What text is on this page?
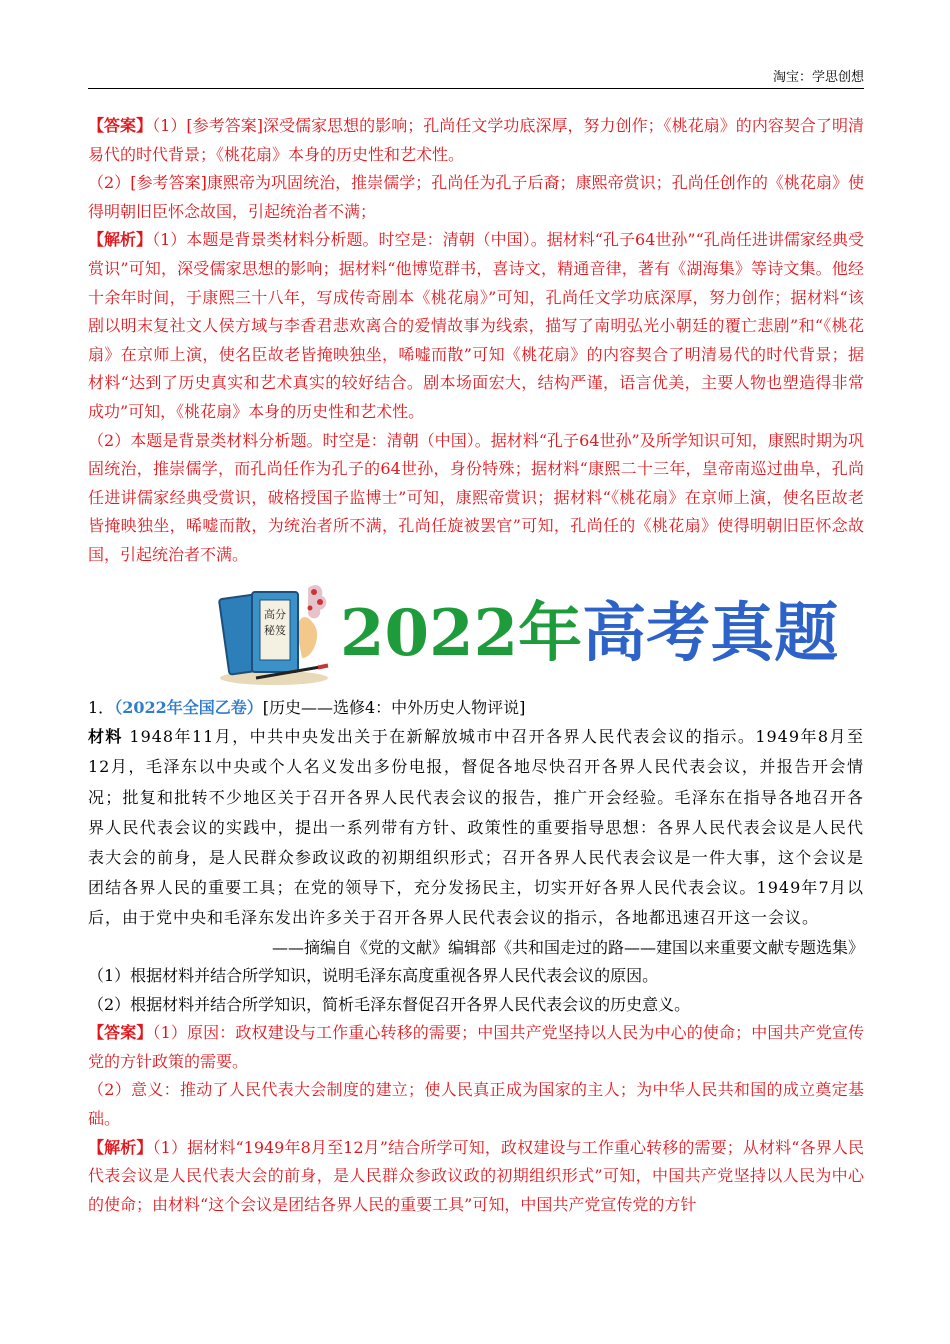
淘宝：学思创想

【答案】（1）[参考答案]深受儒家思想的影响；孔尚任文学功底深厚，努力创作；《桃花扇》的内容契合了明清易代的时代背景；《桃花扇》本身的历史性和艺术性。

（2）[参考答案]康熙帝为巩固统治，推崇儒学；孔尚任为孔子后裔；康熙帝赏识；孔尚任创作的《桃花扇》使得明朝旧臣怀念故国，引起统治者不满；

【解析】（1）本题是背景类材料分析题。时空是：清朝（中国）。据材料“孔子64世孙”“孔尚任进讲儒家经典受赏识”可知，深受儒家思想的影响；据材料“他博览群书，喜诗文，精通音律，著有《湖海集》等诗文集。他经十余年时间，于康熙三十八年，写成传奇剧本《桃花扇》”可知，孔尚任文学功底深厚，努力创作；据材料“该剧以明末复社文人侯方域与李香君悲欢离合的爱情故事为线索，描写了南明弘光小朝廷的覆亡悲剧”和“《桃花扇》在京师上演，使名臣故老皆掩映独坐，唏嘘而散”可知《桃花扇》的内容契合了明清易代的时代背景；据材料“达到了历史真实和艺术真实的较好结合。剧本场面宏大，结构严谨，语言优美，主要人物也塑造得非常成功”可知，《桃花扇》本身的历史性和艺术性。

（2）本题是背景类材料分析题。时空是：清朝（中国）。据材料“孔子64世孙”及所学知识可知，康熙时期为巩固统治，推崇儒学，而孔尚任作为孔子的64世孙，身份特殊；据材料“康熙二十三年，皇帝南巡过曲阜，孔尚任进讲儒家经典受赏识，破格授国子监博士”可知，康熙帝赏识；据材料“《桃花扇》在京师上演，使名臣故老皆掩映独坐，唏嘘而散，为统治者所不满，孔尚任旋被罢官”可知，孔尚任的《桃花扇》使得明朝旧臣怀念故国，引起统治者不满。

高分
秘笈 2022年高考真题

1．（2022年全国乙卷）[历史——选修4：中外历史人物评说]

材料 1948年11月，中共中央发出关于在新解放城市中召开各界人民代表会议的指示。1949年8月至12月，毛泽东以中央或个人名义发出多份电报，督促各地尽快召开各界人民代表会议，并报告开会情况；批复和批转不少地区关于召开各界人民代表会议的报告，推广开会经验。毛泽东在指导各地召开各界人民代表会议的实践中，提出一系列带有方针、政策性的重要指导思想：各界人民代表会议是人民代表大会的前身，是人民群众参政议政的初期组织形式；召开各界人民代表会议是一件大事，这个会议是团结各界人民的重要工具；在党的领导下，充分发扬民主，切实开好各界人民代表会议。1949年7月以后，由于党中央和毛泽东发出许多关于召开各界人民代表会议的指示，各地都迅速召开这一会议。

——摘编自《党的文献》编辑部《共和国走过的路——建国以来重要文献专题选集》

（1）根据材料并结合所学知识，说明毛泽东高度重视各界人民代表会议的原因。

（2）根据材料并结合所学知识，简析毛泽东督促召开各界人民代表会议的历史意义。

【答案】（1）原因：政权建设与工作重心转移的需要；中国共产党坚持以人民为中心的使命；中国共产党宣传党的方针政策的需要。

（2）意义：推动了人民代表大会制度的建立；使人民真正成为国家的主人；为中华人民共和国的成立奠定基础。

【解析】（1）据材料“1949年8月至12月”结合所学可知，政权建设与工作重心转移的需要；从材料“各界人民代表会议是人民代表大会的前身，是人民群众参政议政的初期组织形式”可知，中国共产党坚持以人民为中心的使命；由材料“这个会议是团结各界人民的重要工具”可知，中国共产党宣传党的方针
